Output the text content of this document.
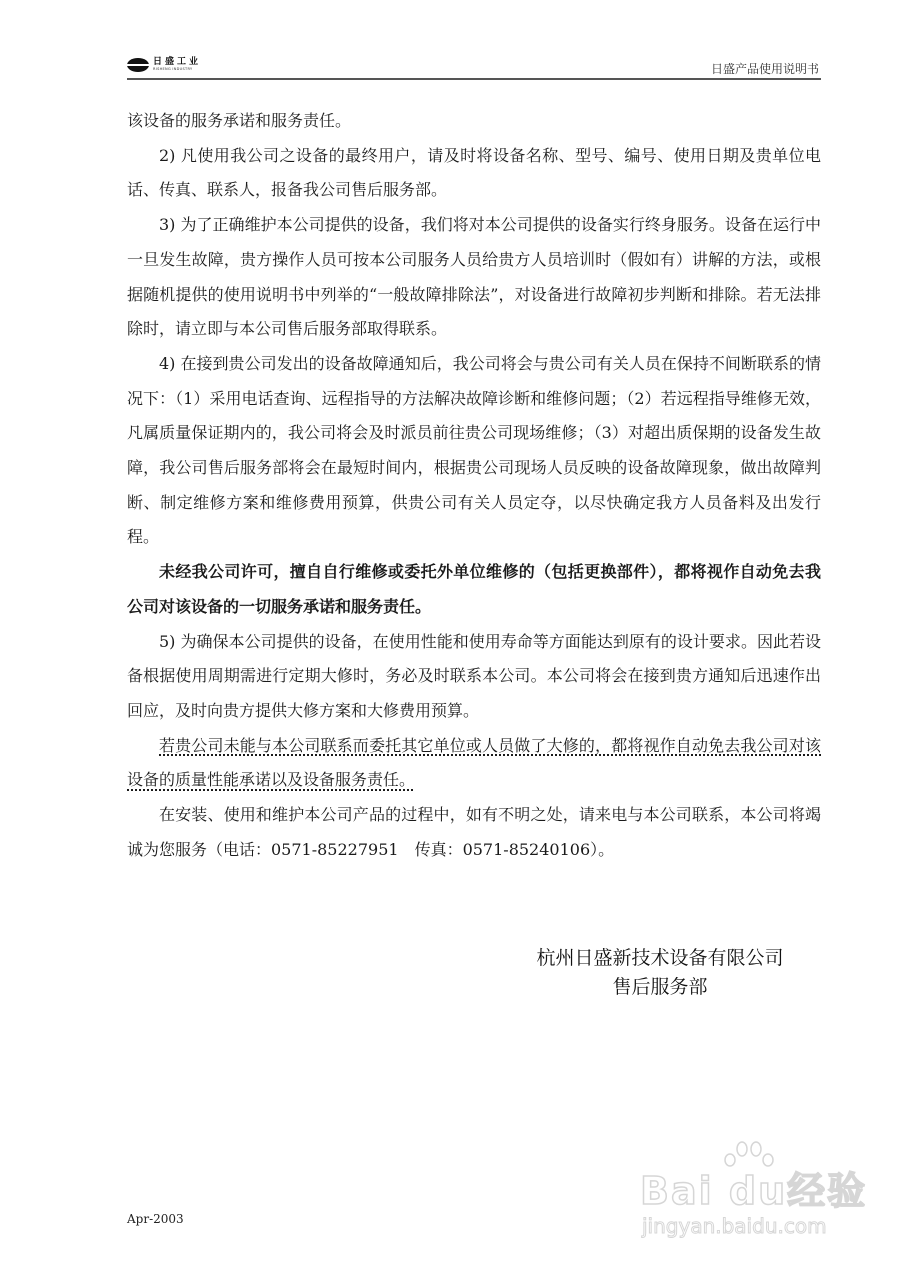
日盛工业
RISHENG INDUSTRY	日盛产品使用说明书

该设备的服务承诺和服务责任。

2) 凡使用我公司之设备的最终用户，请及时将设备名称、型号、编号、使用日期及贵单位电话、传真、联系人，报备我公司售后服务部。

3) 为了正确维护本公司提供的设备，我们将对本公司提供的设备实行终身服务。设备在运行中一旦发生故障，贵方操作人员可按本公司服务人员给贵方人员培训时（假如有）讲解的方法，或根据随机提供的使用说明书中列举的“一般故障排除法”，对设备进行故障初步判断和排除。若无法排除时，请立即与本公司售后服务部取得联系。

4) 在接到贵公司发出的设备故障通知后，我公司将会与贵公司有关人员在保持不间断联系的情况下：（1）采用电话查询、远程指导的方法解决故障诊断和维修问题；（2）若远程指导维修无效，凡属质量保证期内的，我公司将会及时派员前往贵公司现场维修；（3）对超出质保期的设备发生故障，我公司售后服务部将会在最短时间内，根据贵公司现场人员反映的设备故障现象，做出故障判断、制定维修方案和维修费用预算，供贵公司有关人员定夺，以尽快确定我方人员备料及出发行程。

未经我公司许可，擅自自行维修或委托外单位维修的（包括更换部件），都将视作自动免去我公司对该设备的一切服务承诺和服务责任。

5) 为确保本公司提供的设备，在使用性能和使用寿命等方面能达到原有的设计要求。因此若设备根据使用周期需进行定期大修时，务必及时联系本公司。本公司将会在接到贵方通知后迅速作出回应，及时向贵方提供大修方案和大修费用预算。

若贵公司未能与本公司联系而委托其它单位或人员做了大修的，都将视作自动免去我公司对该设备的质量性能承诺以及设备服务责任。

在安装、使用和维护本公司产品的过程中，如有不明之处，请来电与本公司联系，本公司将竭诚为您服务（电话：0571-85227951　传真：0571-85240106）。

杭州日盛新技术设备有限公司
售后服务部
Apr-2003
Bai du经验
jingyan.baidu.com
